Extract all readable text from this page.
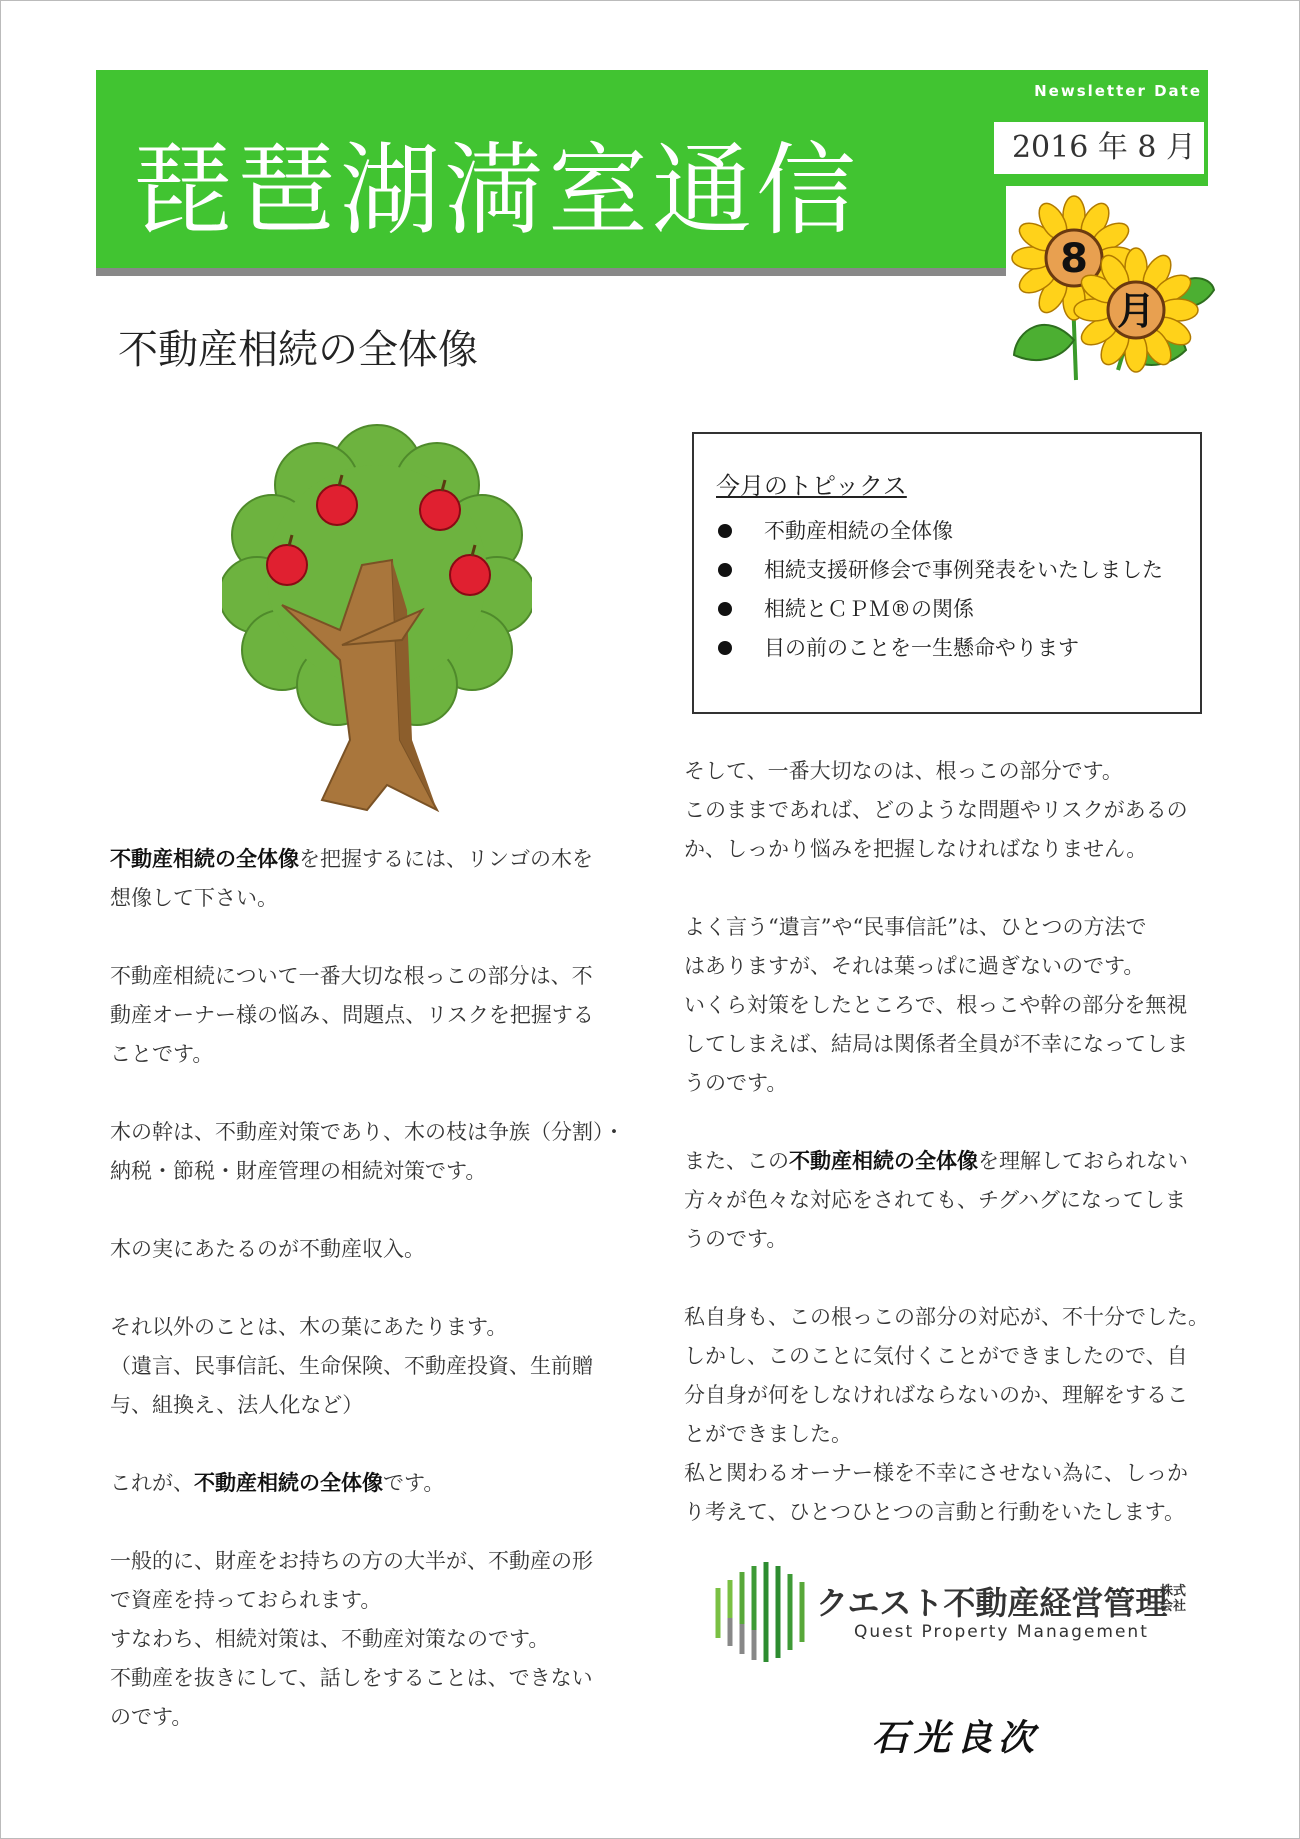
琵琶湖満室通信
Newsletter Date
2016 年 8 月
8
月
不動産相続の全体像
今月のトピックス
不動産相続の全体像
相続支援研修会で事例発表をいたしました
相続とＣＰＭ®の関係
目の前のことを一生懸命やります

不動産相続の全体像を把握するには、リンゴの木を
想像して下さい。

不動産相続について一番大切な根っこの部分は、不
動産オーナー様の悩み、問題点、リスクを把握する
ことです。

木の幹は、不動産対策であり、木の枝は争族（分割）・
納税・節税・財産管理の相続対策です。

木の実にあたるのが不動産収入。

それ以外のことは、木の葉にあたります。
（遺言、民事信託、生命保険、不動産投資、生前贈
与、組換え、法人化など）

これが、不動産相続の全体像です。

一般的に、財産をお持ちの方の大半が、不動産の形
で資産を持っておられます。
すなわち、相続対策は、不動産対策なのです。
不動産を抜きにして、話しをすることは、できない
のです。

そして、一番大切なのは、根っこの部分です。
このままであれば、どのような問題やリスクがあるの
か、しっかり悩みを把握しなければなりません。

よく言う“遺言”や“民事信託”は、ひとつの方法で
はありますが、それは葉っぱに過ぎないのです。
いくら対策をしたところで、根っこや幹の部分を無視
してしまえば、結局は関係者全員が不幸になってしま
うのです。

また、この不動産相続の全体像を理解しておられない
方々が色々な対応をされても、チグハグになってしま
うのです。

私自身も、この根っこの部分の対応が、不十分でした。
しかし、このことに気付くことができましたので、自
分自身が何をしなければならないのか、理解をするこ
とができました。
私と関わるオーナー様を不幸にさせない為に、しっか
り考えて、ひとつひとつの言動と行動をいたします。

クエスト不動産経営管理
株式会社
Quest Property Management
石光良次
